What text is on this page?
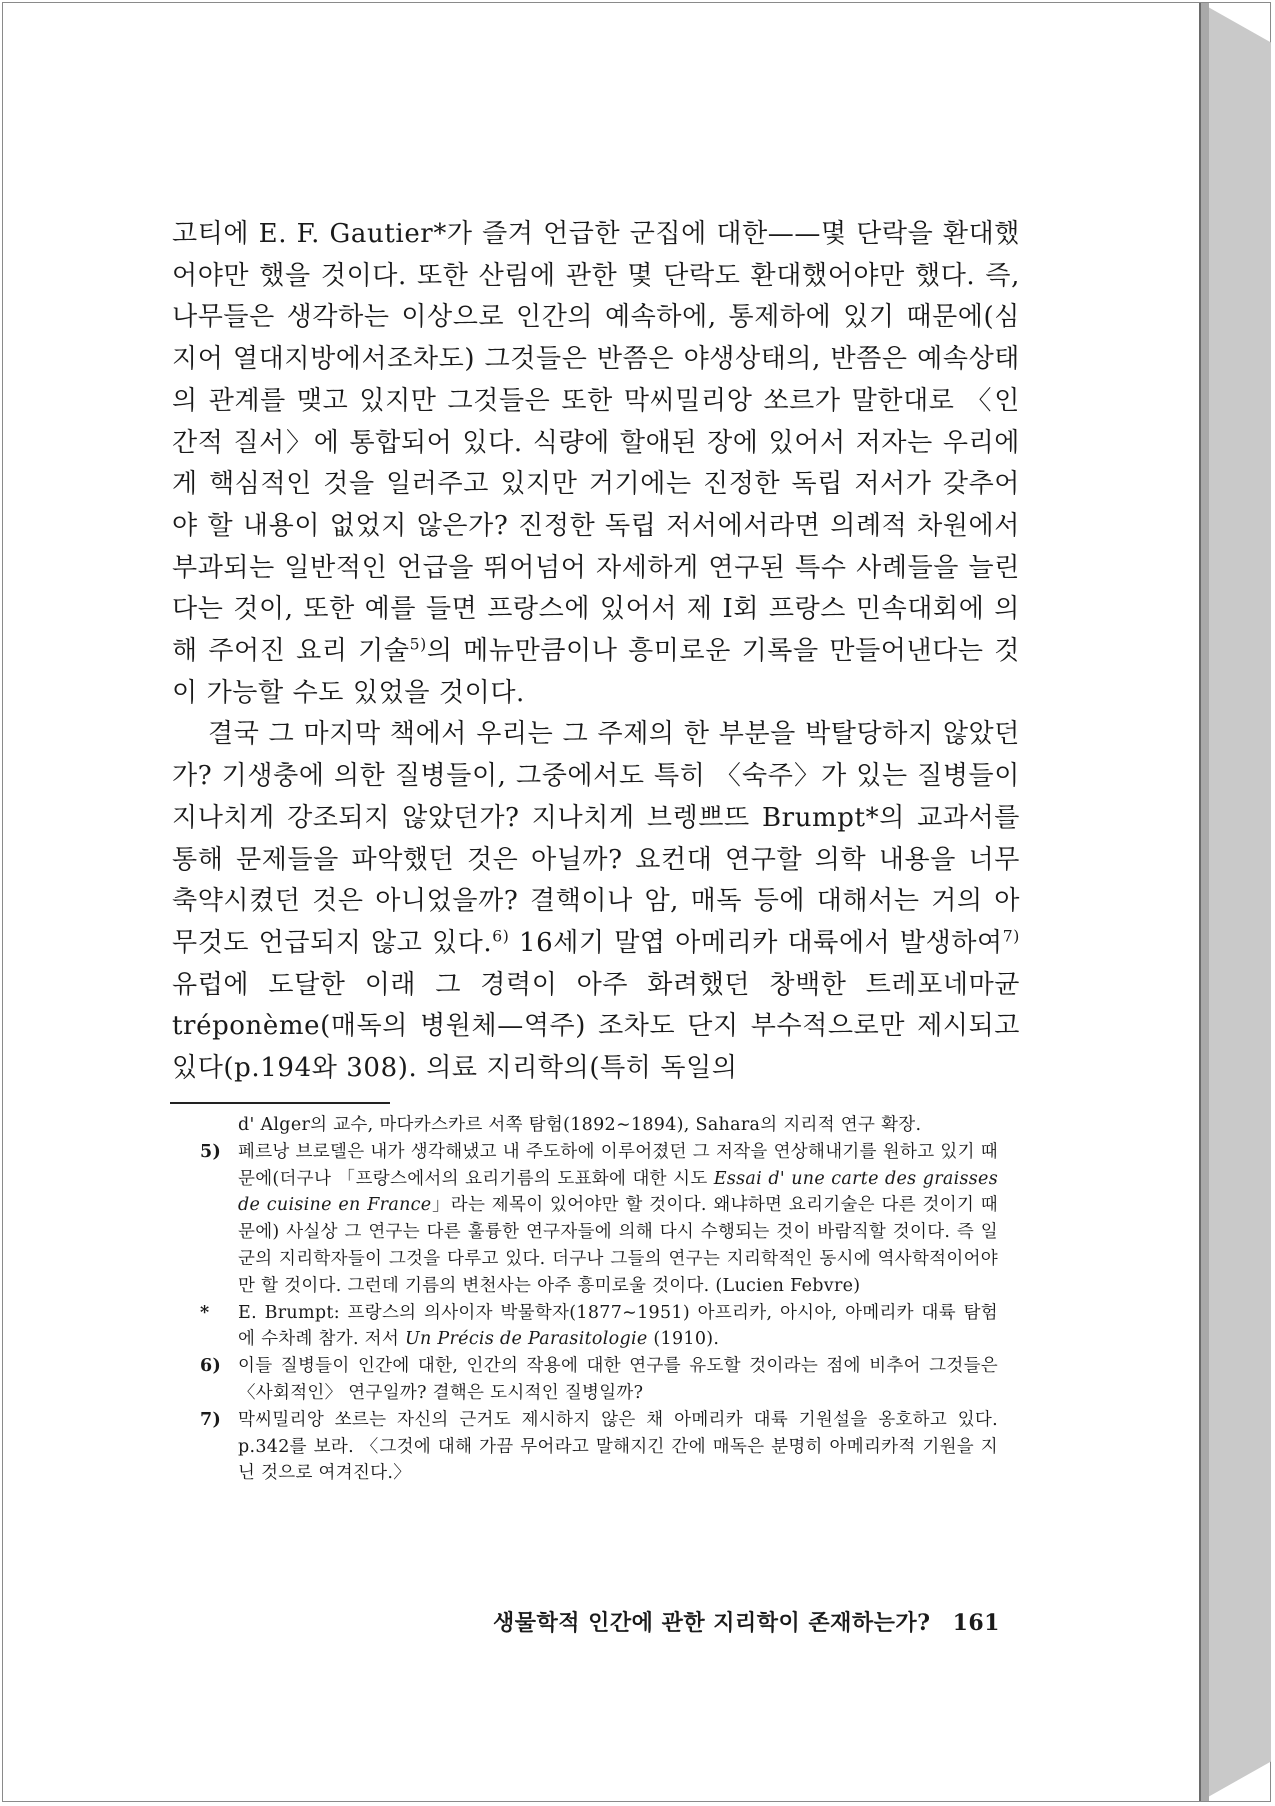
고티에 E. F. Gautier*가 즐겨 언급한 군집에 대한——몇 단락을 환대했어야만 했을 것이다. 또한 산림에 관한 몇 단락도 환대했어야만 했다. 즉, 나무들은 생각하는 이상으로 인간의 예속하에, 통제하에 있기 때문에(심지어 열대지방에서조차도) 그것들은 반쯤은 야생상태의, 반쯤은 예속상태의 관계를 맺고 있지만 그것들은 또한 막씨밀리앙 쏘르가 말한대로 〈인간적 질서〉에 통합되어 있다. 식량에 할애된 장에 있어서 저자는 우리에게 핵심적인 것을 일러주고 있지만 거기에는 진정한 독립 저서가 갖추어야 할 내용이 없었지 않은가? 진정한 독립 저서에서라면 의례적 차원에서 부과되는 일반적인 언급을 뛰어넘어 자세하게 연구된 특수 사례들을 늘린다는 것이, 또한 예를 들면 프랑스에 있어서 제 I회 프랑스 민속대회에 의해 주어진 요리 기술$^{5)}$의 메뉴만큼이나 흥미로운 기록을 만들어낸다는 것이 가능할 수도 있었을 것이다.

결국 그 마지막 책에서 우리는 그 주제의 한 부분을 박탈당하지 않았던가? 기생충에 의한 질병들이, 그중에서도 특히 〈숙주〉가 있는 질병들이 지나치게 강조되지 않았던가? 지나치게 브렝쁘뜨 Brumpt*의 교과서를 통해 문제들을 파악했던 것은 아닐까? 요컨대 연구할 의학 내용을 너무 축약시켰던 것은 아니었을까? 결핵이나 암, 매독 등에 대해서는 거의 아무것도 언급되지 않고 있다.$^{6)}$ 16세기 말엽 아메리카 대륙에서 발생하여$^{7)}$ 유럽에 도달한 이래 그 경력이 아주 화려했던 창백한 트레포네마균 tréponème(매독의 병원체—역주) 조차도 단지 부수적으로만 제시되고 있다(p.194와 308). 의료 지리학의(특히 독일의

d' Alger의 교수, 마다카스카르 서쪽 탐험(1892∼1894), Sahara의 지리적 연구 확장.
5) 페르낭 브로델은 내가 생각해냈고 내 주도하에 이루어졌던 그 저작을 연상해내기를 원하고 있기 때문에(더구나 「프랑스에서의 요리기름의 도표화에 대한 시도 Essai d' une carte des graisses de cuisine en France」라는 제목이 있어야만 할 것이다. 왜냐하면 요리기술은 다른 것이기 때문에) 사실상 그 연구는 다른 훌륭한 연구자들에 의해 다시 수행되는 것이 바람직할 것이다. 즉 일군의 지리학자들이 그것을 다루고 있다. 더구나 그들의 연구는 지리학적인 동시에 역사학적이어야만 할 것이다. 그런데 기름의 변천사는 아주 흥미로울 것이다. (Lucien Febvre)
*	E. Brumpt: 프랑스의 의사이자 박물학자(1877∼1951) 아프리카, 아시아, 아메리카 대륙 탐험에 수차례 참가. 저서 Un Précis de Parasitologie (1910).
6) 이들 질병들이 인간에 대한, 인간의 작용에 대한 연구를 유도할 것이라는 점에 비추어 그것들은 〈사회적인〉 연구일까? 결핵은 도시적인 질병일까?
7) 막씨밀리앙 쏘르는 자신의 근거도 제시하지 않은 채 아메리카 대륙 기원설을 옹호하고 있다. p.342를 보라. 〈그것에 대해 가끔 무어라고 말해지긴 간에 매독은 분명히 아메리카적 기원을 지닌 것으로 여겨진다.〉
생물학적 인간에 관한 지리학이 존재하는가? 161
